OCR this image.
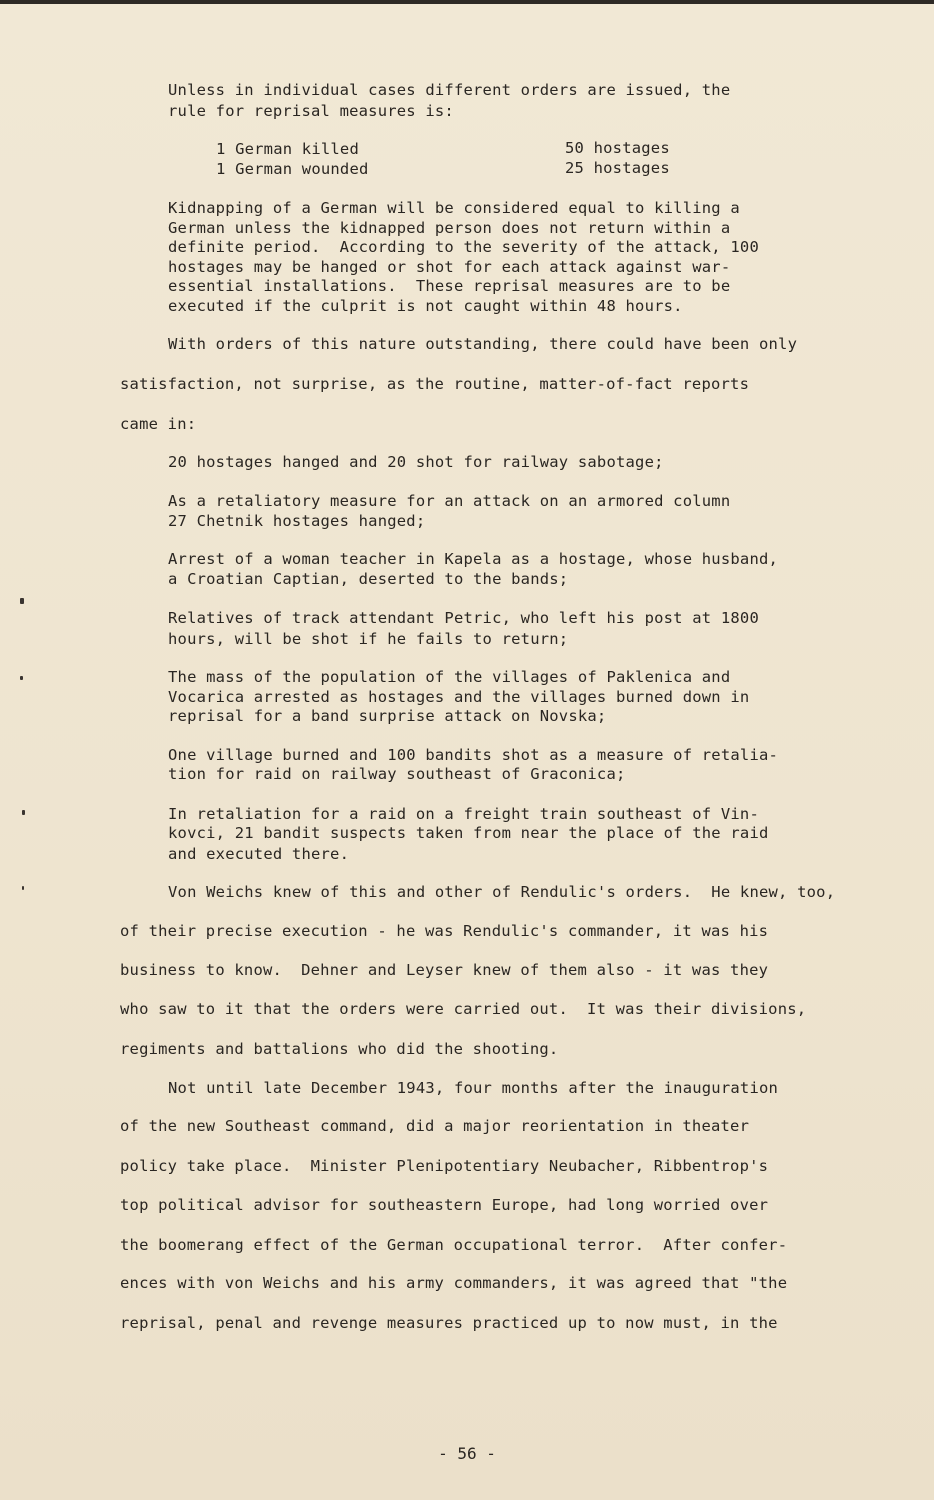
Unless in individual cases different orders are issued, the
rule for reprisal measures is:
1 German killed	50 hostages
1 German wounded	25 hostages
Kidnapping of a German will be considered equal to killing a
German unless the kidnapped person does not return within a
definite period.  According to the severity of the attack, 100
hostages may be hanged or shot for each attack against war-
essential installations.  These reprisal measures are to be
executed if the culprit is not caught within 48 hours.
With orders of this nature outstanding, there could have been only
satisfaction, not surprise, as the routine, matter-of-fact reports
came in:
20 hostages hanged and 20 shot for railway sabotage;
As a retaliatory measure for an attack on an armored column
27 Chetnik hostages hanged;
Arrest of a woman teacher in Kapela as a hostage, whose husband,
a Croatian Captian, deserted to the bands;
Relatives of track attendant Petric, who left his post at 1800
hours, will be shot if he fails to return;
The mass of the population of the villages of Paklenica and
Vocarica arrested as hostages and the villages burned down in
reprisal for a band surprise attack on Novska;
One village burned and 100 bandits shot as a measure of retalia-
tion for raid on railway southeast of Graconica;
In retaliation for a raid on a freight train southeast of Vin-
kovci, 21 bandit suspects taken from near the place of the raid
and executed there.
Von Weichs knew of this and other of Rendulic's orders.  He knew, too,
of their precise execution - he was Rendulic's commander, it was his
business to know.  Dehner and Leyser knew of them also - it was they
who saw to it that the orders were carried out.  It was their divisions,
regiments and battalions who did the shooting.
Not until late December 1943, four months after the inauguration
of the new Southeast command, did a major reorientation in theater
policy take place.  Minister Plenipotentiary Neubacher, Ribbentrop's
top political advisor for southeastern Europe, had long worried over
the boomerang effect of the German occupational terror.  After confer-
ences with von Weichs and his army commanders, it was agreed that "the
reprisal, penal and revenge measures practiced up to now must, in the
- 56 -
